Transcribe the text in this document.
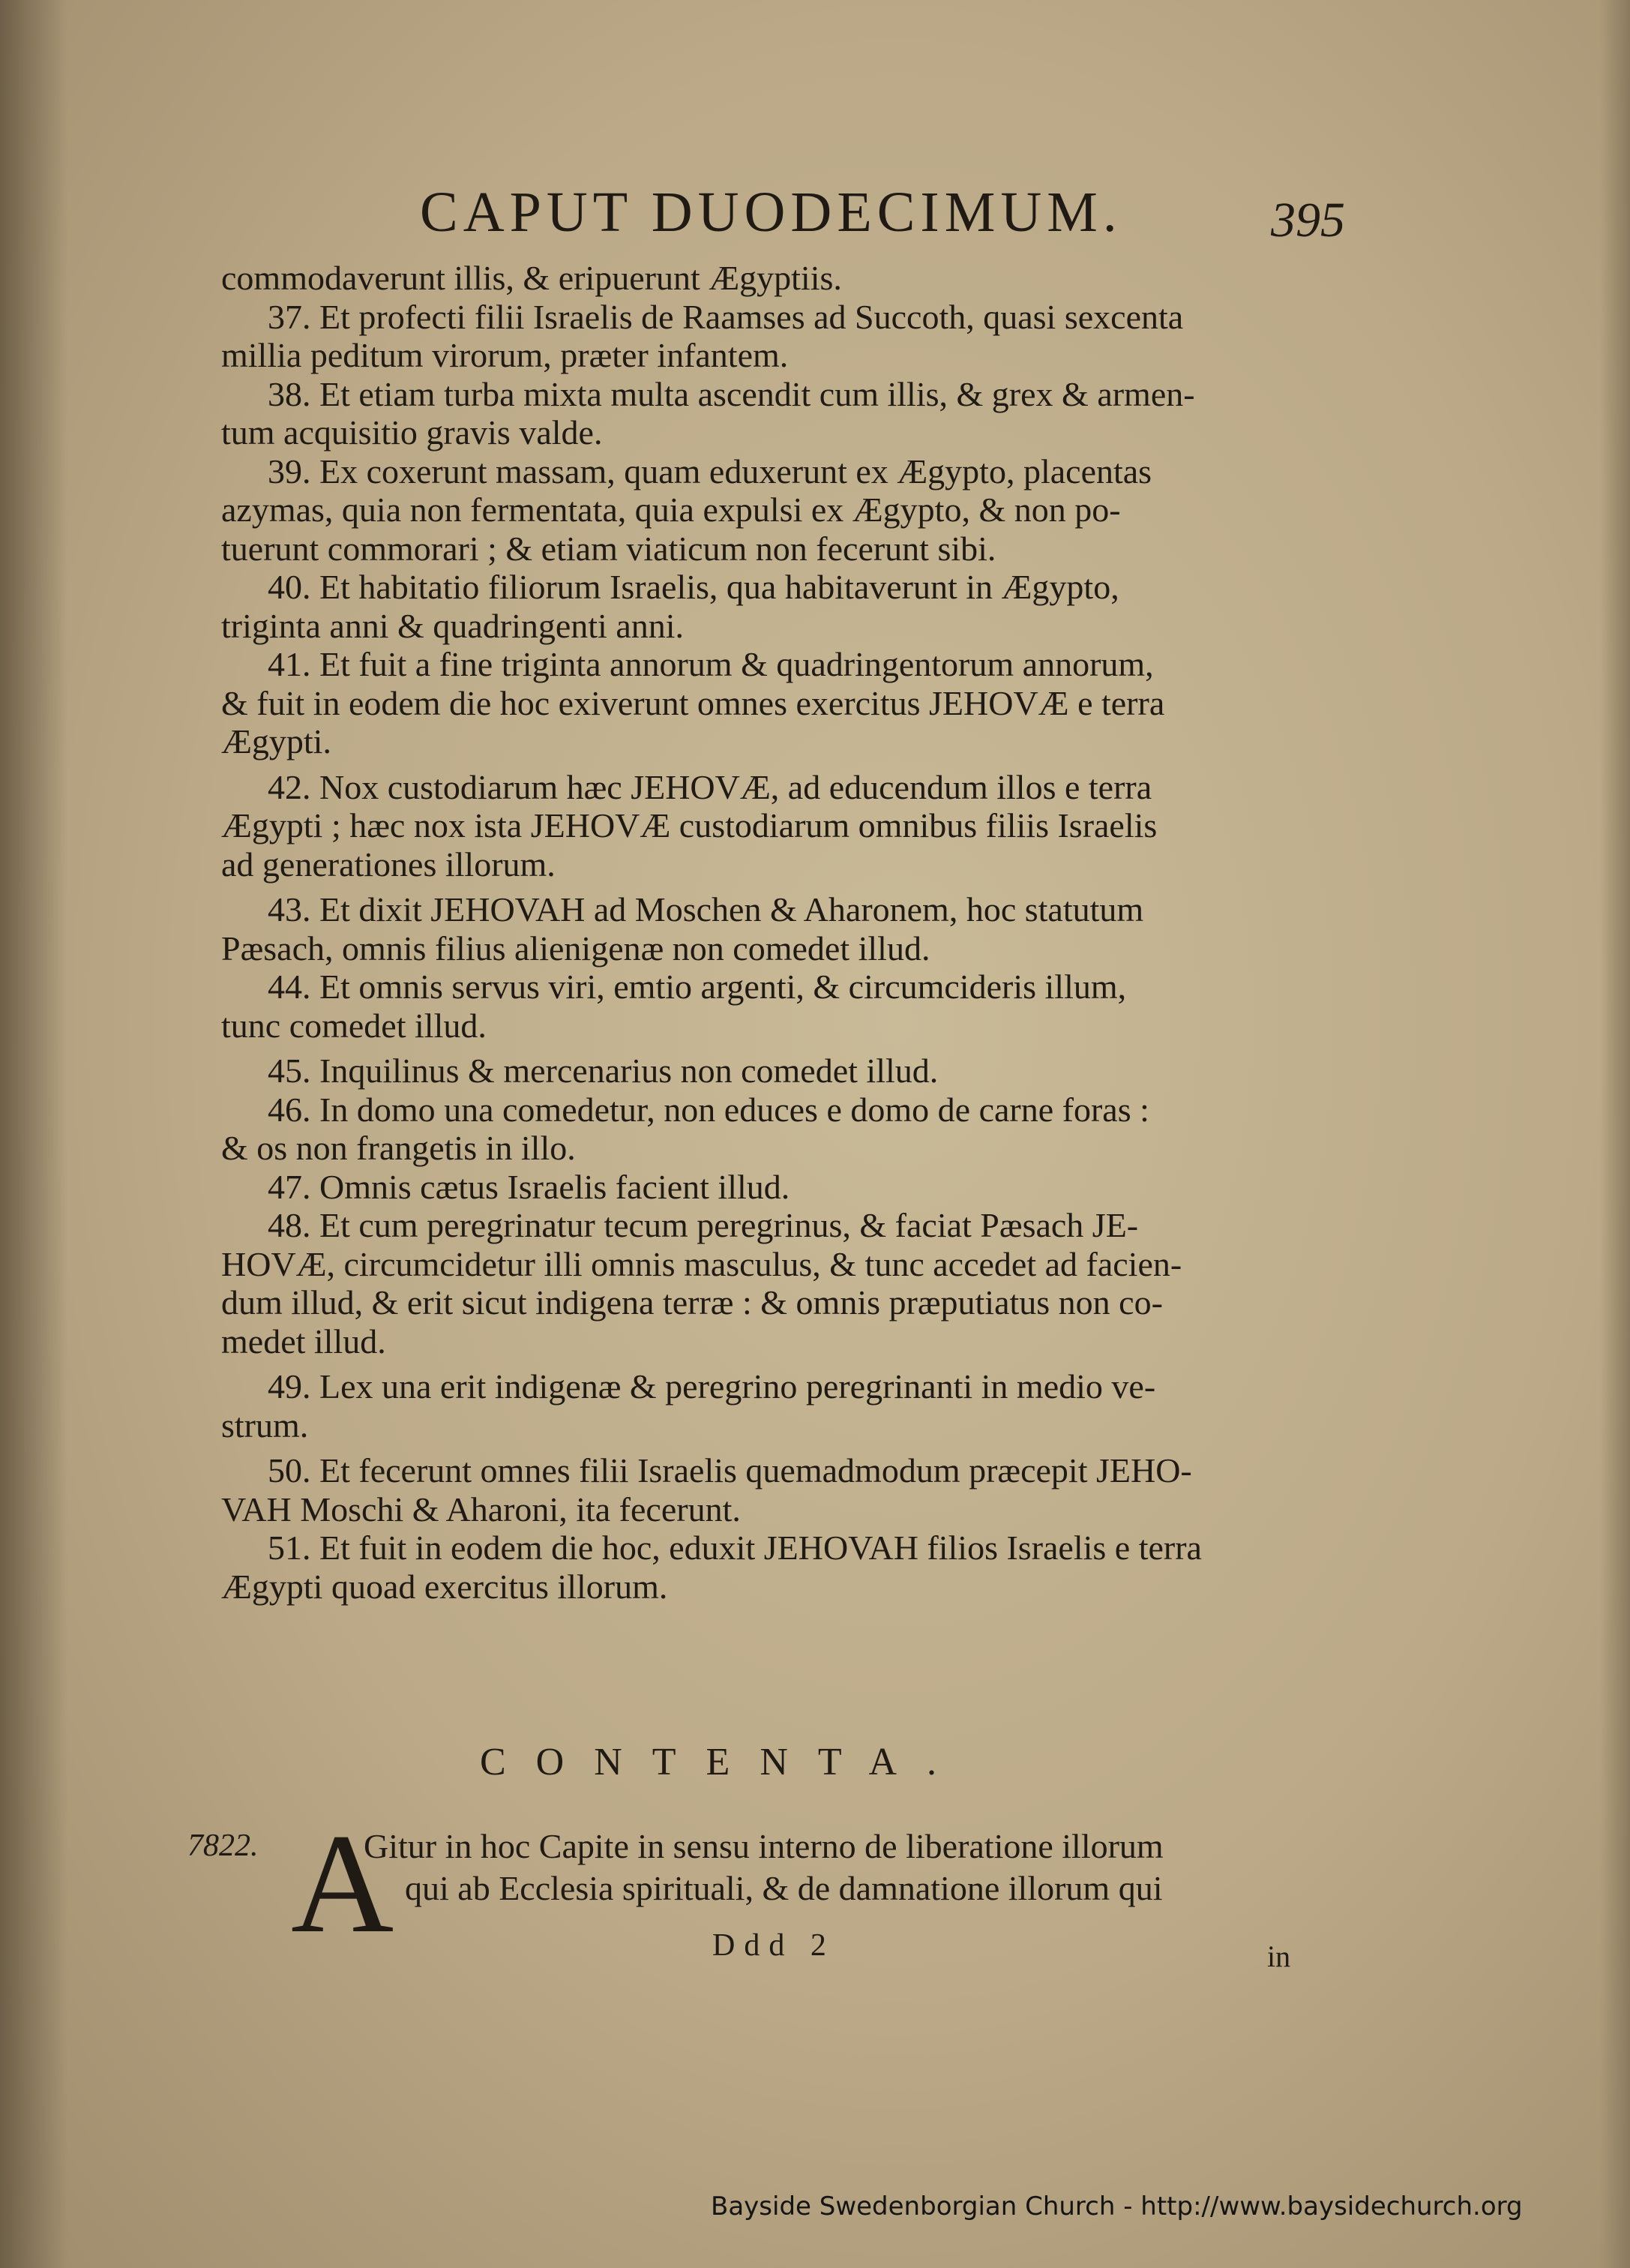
CAPUT DUODECIMUM.	395

commodaverunt illis, & eripuerunt Ægyptiis.

37. Et profecti filii Israelis de Raamses ad Succoth, quasi sexcenta

millia peditum virorum, præter infantem.

38. Et etiam turba mixta multa ascendit cum illis, & grex & armen-

tum acquisitio gravis valde.

39. Ex coxerunt massam, quam eduxerunt ex Ægypto, placentas

azymas, quia non fermentata, quia expulsi ex Ægypto, & non po-

tuerunt commorari ; & etiam viaticum non fecerunt sibi.

40. Et habitatio filiorum Israelis, qua habitaverunt in Ægypto,

triginta anni & quadringenti anni.

41. Et fuit a fine triginta annorum & quadringentorum annorum,

& fuit in eodem die hoc exiverunt omnes exercitus JEHOVÆ e terra

Ægypti.

42. Nox custodiarum hæc JEHOVÆ, ad educendum illos e terra

Ægypti ; hæc nox ista JEHOVÆ custodiarum omnibus filiis Israelis

ad generationes illorum.

43. Et dixit JEHOVAH ad Moschen & Aharonem, hoc statutum

Pæsach, omnis filius alienigenæ non comedet illud.

44. Et omnis servus viri, emtio argenti, & circumcideris illum,

tunc comedet illud.

45. Inquilinus & mercenarius non comedet illud.

46. In domo una comedetur, non educes e domo de carne foras :

& os non frangetis in illo.

47. Omnis cætus Israelis facient illud.

48. Et cum peregrinatur tecum peregrinus, & faciat Pæsach JE-

HOVÆ, circumcidetur illi omnis masculus, & tunc accedet ad facien-

dum illud, & erit sicut indigena terræ : & omnis præputiatus non co-

medet illud.

49. Lex una erit indigenæ & peregrino peregrinanti in medio ve-

strum.

50. Et fecerunt omnes filii Israelis quemadmodum præcepit JEHO-

VAH Moschi & Aharoni, ita fecerunt.

51. Et fuit in eodem die hoc, eduxit JEHOVAH filios Israelis e terra

Ægypti quoad exercitus illorum.

CONTENTA.
7822. A
Gitur in hoc Capite in sensu interno de liberatione illorum
qui ab Ecclesia spirituali, & de damnatione illorum qui
Ddd 2	in
Bayside Swedenborgian Church - http://www.baysidechurch.org
